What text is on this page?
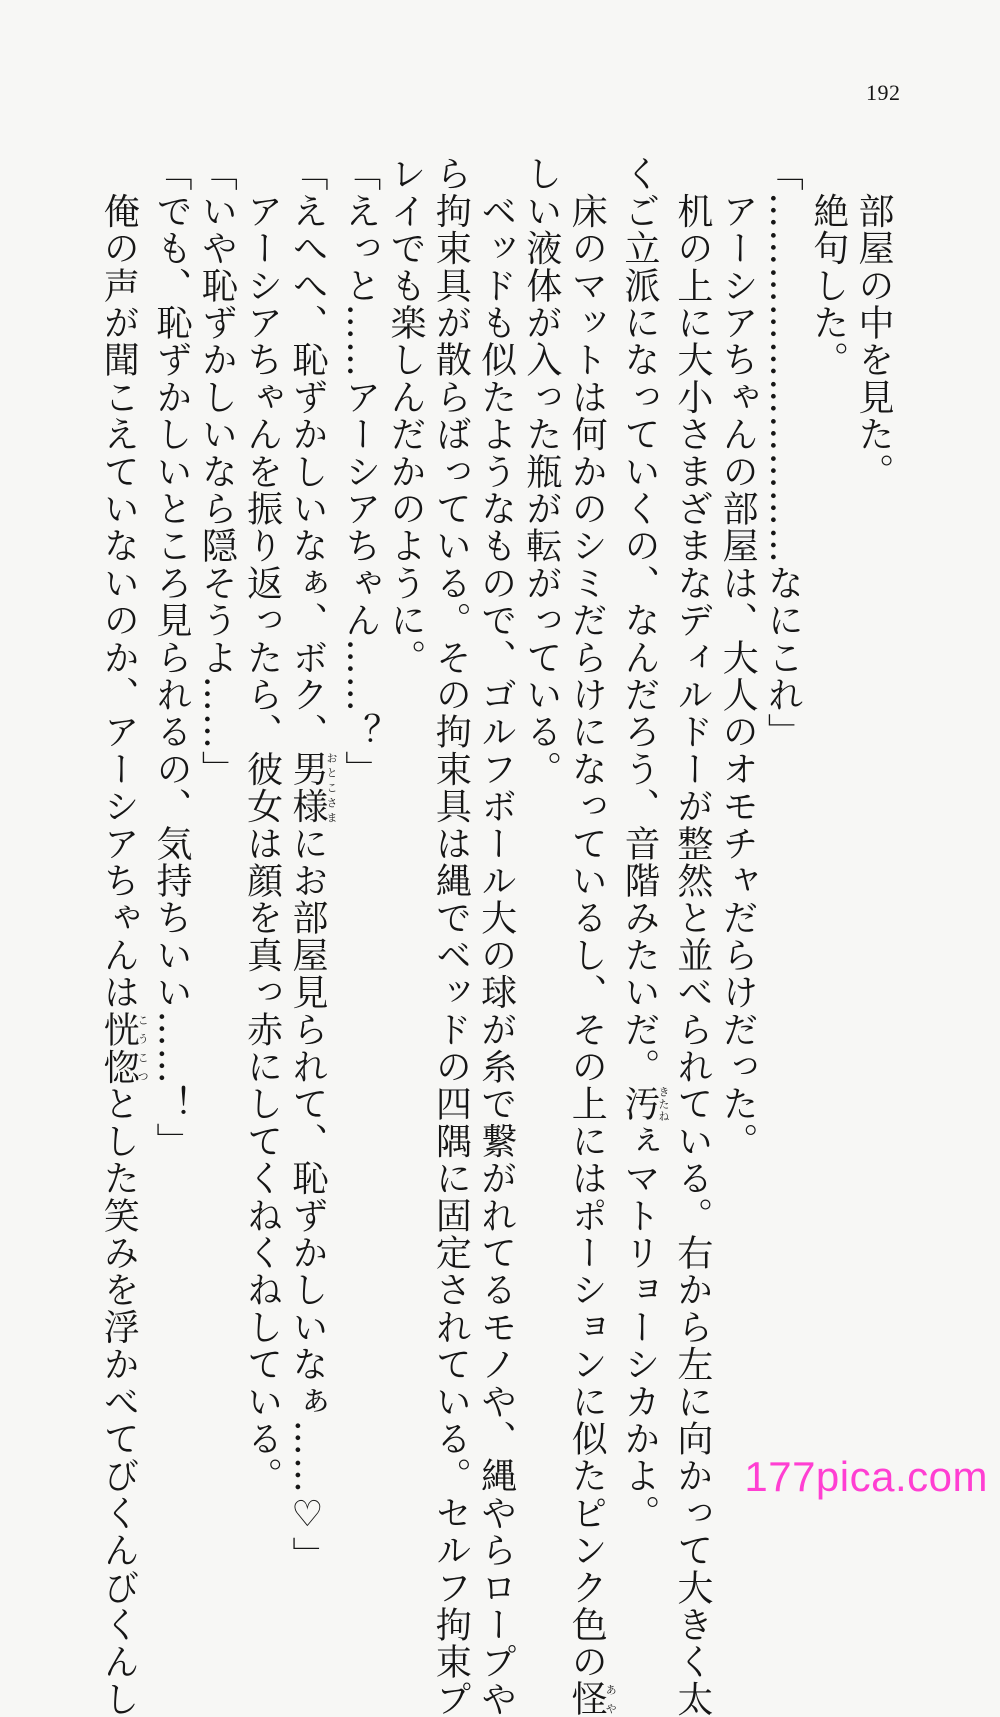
192
　部屋の中を見た。
　絶句した。
「…………………………なにこれ」
　アーシアちゃんの部屋は、大人のオモチャだらけだった。
　机の上に大小さまざまなディルドーが整然と並べられている。右から左に向かって大きく太
くご立派になっていくの、なんだろう、音階みたいだ。汚きたねぇマトリョーシカかよ。
　床のマットは何かのシミだらけになっているし、その上にはポーションに似たピンク色の怪あや
しい液体が入った瓶が転がっている。
　ベッドも似たようなもので、ゴルフボール大の球が糸で繋がれてるモノや、縄やらロープや
ら拘束具が散らばっている。その拘束具は縄でベッドの四隅に固定されている。セルフ拘束プ
レイでも楽しんだかのように。
「えっと……アーシアちゃん……？」
「えへへ、恥ずかしいなぁ、ボク、男様おとこさまにお部屋見られて、恥ずかしいなぁ……♡」
　アーシアちゃんを振り返ったら、彼女は顔を真っ赤にしてくねくねしている。
「いや恥ずかしいなら隠そうよ……」
「でも、恥ずかしいところ見られるの、気持ちいい……！」
　俺の声が聞こえていないのか、アーシアちゃんは恍惚こうこつとした笑みを浮かべてびくんびくんし	177pica.com
